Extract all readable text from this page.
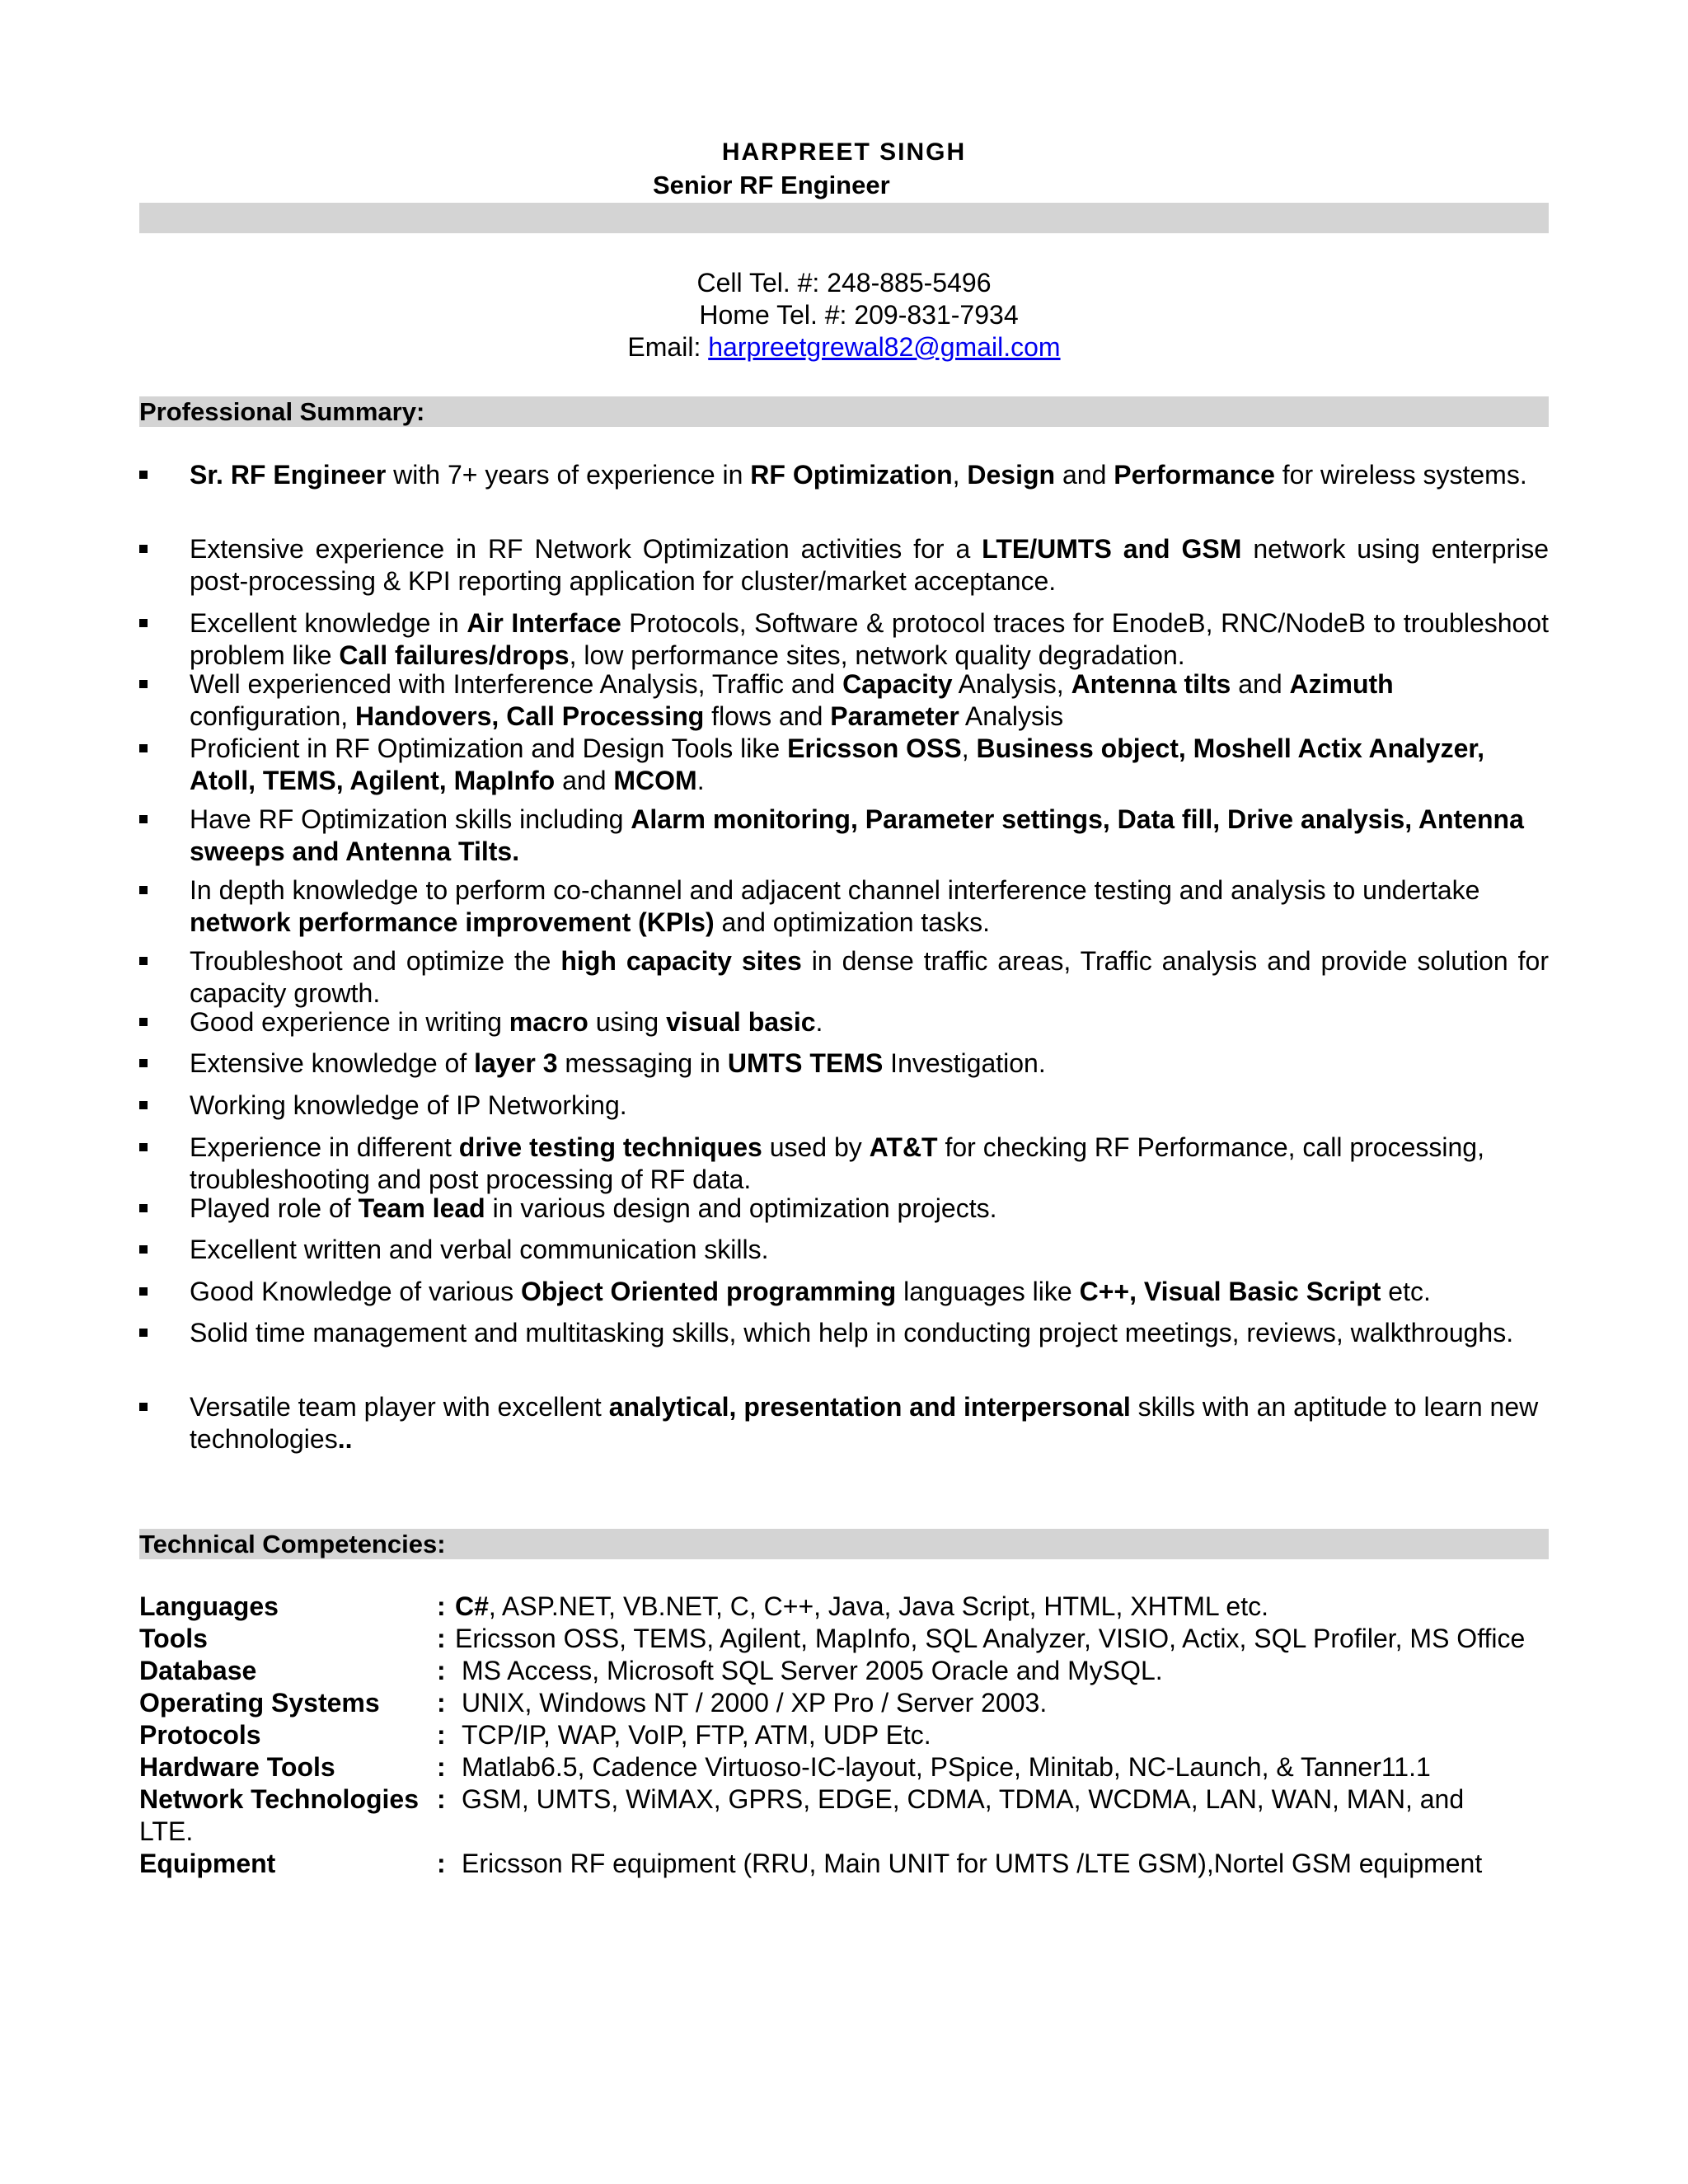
HARPREET SINGH
Senior RF Engineer
Cell Tel. #: 248-885-5496
Home Tel. #: 209-831-7934
Email: harpreetgrewal82@gmail.com
Professional Summary:
Sr. RF Engineer with 7+ years of experience in RF Optimization, Design and Performance for wireless systems.
Extensive experience in RF Network Optimization activities for a LTE/UMTS and GSM network using enterprise post-processing & KPI reporting application for cluster/market acceptance.
Excellent knowledge in Air Interface Protocols, Software & protocol traces for EnodeB, RNC/NodeB to troubleshoot problem like Call failures/drops, low performance sites, network quality degradation.
Well experienced with Interference Analysis, Traffic and Capacity Analysis, Antenna tilts and Azimuth configuration, Handovers, Call Processing flows and Parameter Analysis
Proficient in RF Optimization and Design Tools like Ericsson OSS, Business object, Moshell Actix Analyzer, Atoll, TEMS, Agilent, MapInfo and MCOM.
Have RF Optimization skills including Alarm monitoring, Parameter settings, Data fill, Drive analysis, Antenna sweeps and Antenna Tilts.
In depth knowledge to perform co-channel and adjacent channel interference testing and analysis to undertake network performance improvement (KPIs) and optimization tasks.
Troubleshoot and optimize the high capacity sites in dense traffic areas, Traffic analysis and provide solution for capacity growth.
Good experience in writing macro using visual basic.
Extensive knowledge of layer 3 messaging in UMTS TEMS Investigation.
Working knowledge of IP Networking.
Experience in different drive testing techniques used by AT&T for checking RF Performance, call processing, troubleshooting and post processing of RF data.
Played role of Team lead in various design and optimization projects.
Excellent written and verbal communication skills.
Good Knowledge of various Object Oriented programming languages like C++, Visual Basic Script etc.
Solid time management and multitasking skills, which help in conducting project meetings, reviews, walkthroughs.
Versatile team player with excellent analytical, presentation and interpersonal skills with an aptitude to learn new technologies..
Technical Competencies:
Languages	: C#, ASP.NET, VB.NET, C, C++, Java, Java Script, HTML, XHTML etc.
Tools	: Ericsson OSS, TEMS, Agilent, MapInfo, SQL Analyzer, VISIO, Actix, SQL Profiler, MS Office
Database	: MS Access, Microsoft SQL Server 2005 Oracle and MySQL.
Operating Systems : UNIX, Windows NT / 2000 / XP Pro / Server 2003.
Protocols	: TCP/IP, WAP, VoIP, FTP, ATM, UDP Etc.
Hardware Tools	: Matlab6.5, Cadence Virtuoso-IC-layout, PSpice, Minitab, NC-Launch, & Tanner11.1
Network Technologies : GSM, UMTS, WiMAX, GPRS, EDGE, CDMA, TDMA, WCDMA, LAN, WAN, MAN, and
LTE.
Equipment	: Ericsson RF equipment (RRU, Main UNIT for UMTS /LTE GSM),Nortel GSM equipment
